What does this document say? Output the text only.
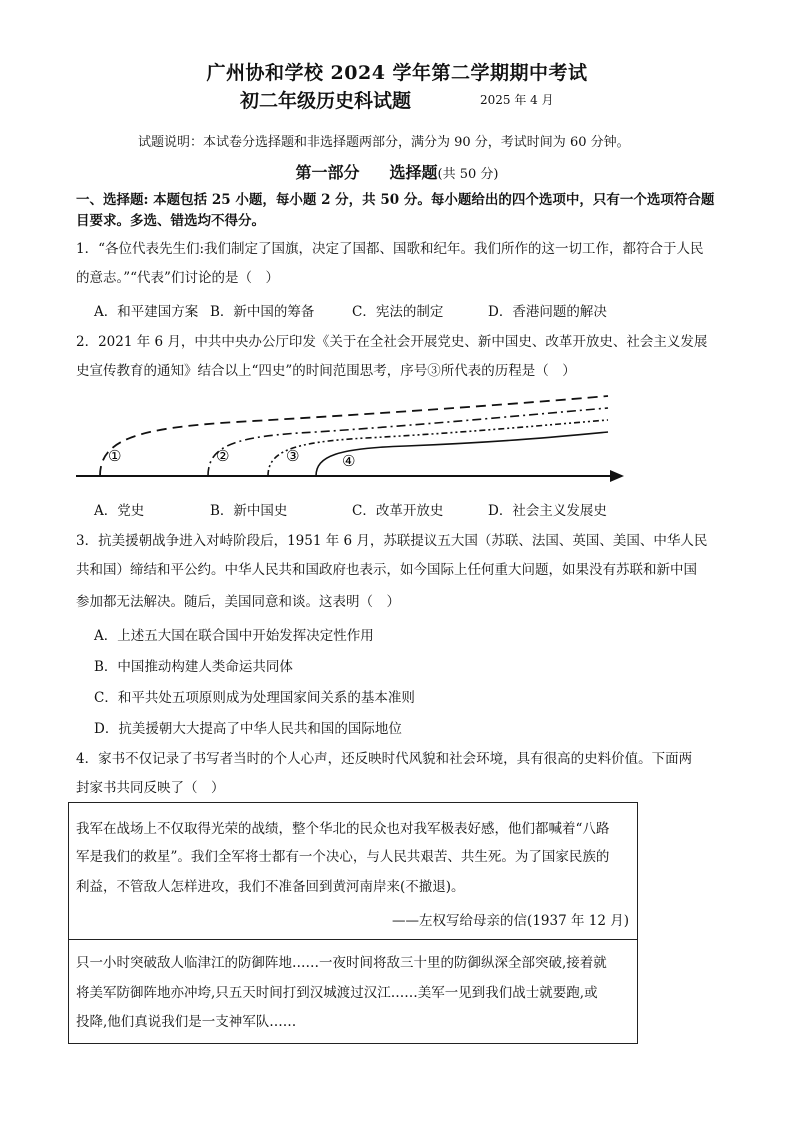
广州协和学校 2024 学年第二学期期中考试
初二年级历史科试题	2025 年 4 月
试题说明：本试卷分选择题和非选择题两部分，满分为 90 分，考试时间为 60 分钟。
第一部分 选择题(共 50 分)
一、选择题: 本题包括 25 小题，每小题 2 分，共 50 分。每小题给出的四个选项中，只有一个选项符合题
目要求。多选、错选均不得分。
1．“各位代表先生们:我们制定了国旗，决定了国都、国歌和纪年。我们所作的这一切工作，都符合于人民
的意志。”“代表”们讨论的是（　）
A．和平建国方案 B．新中国的筹备	C．宪法的制定	D．香港问题的解决
2．2021 年 6 月，中共中央办公厅印发《关于在全社会开展党史、新中国史、改革开放史、社会主义发展
史宣传教育的通知》结合以上“四史”的时间范围思考，序号③所代表的历程是（　）
①	②	③	④
A．党史	B．新中国史	C．改革开放史	D．社会主义发展史
3．抗美援朝战争进入对峙阶段后，1951 年 6 月，苏联提议五大国（苏联、法国、英国、美国、中华人民
共和国）缔结和平公约。中华人民共和国政府也表示，如今国际上任何重大问题，如果没有苏联和新中国
参加都无法解决。随后，美国同意和谈。这表明（　）
A．上述五大国在联合国中开始发挥决定性作用
B．中国推动构建人类命运共同体
C．和平共处五项原则成为处理国家间关系的基本准则
D．抗美援朝大大提高了中华人民共和国的国际地位
4．家书不仅记录了书写者当时的个人心声，还反映时代风貌和社会环境，具有很高的史料价值。下面两
封家书共同反映了（　）
我军在战场上不仅取得光荣的战绩，整个华北的民众也对我军极表好感，他们都喊着“八路
军是我们的救星”。我们全军将士都有一个决心，与人民共艰苦、共生死。为了国家民族的
利益，不管敌人怎样进攻，我们不准备回到黄河南岸来(不撤退)。
——左权写给母亲的信(1937 年 12 月)
只一小时突破敌人临津江的防御阵地……一夜时间将敌三十里的防御纵深全部突破,接着就
将美军防御阵地亦冲垮,只五天时间打到汉城渡过汉江……美军一见到我们战士就要跑,或
投降,他们真说我们是一支神军队……
